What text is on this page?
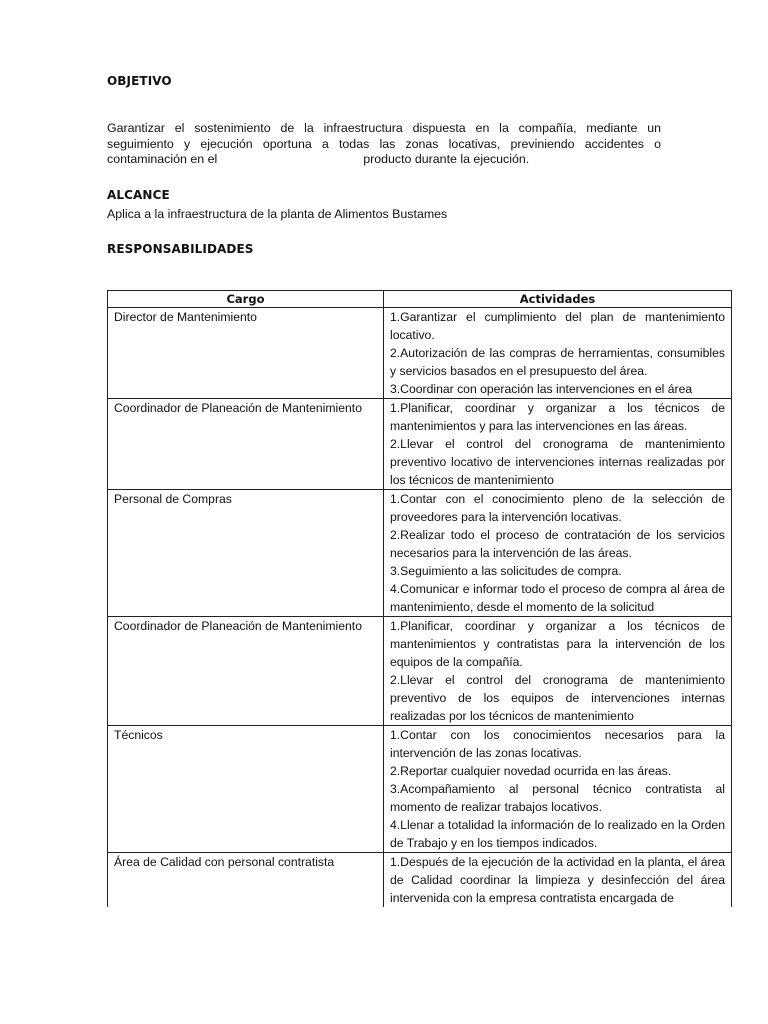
OBJETIVO

Garantizar el sostenimiento de la infraestructura dispuesta en la compañía, mediante un
seguimiento y ejecución oportuna a todas las zonas locativas, previniendo accidentes o
contaminación en el	producto durante la ejecución.

ALCANCE

Aplica a la infraestructura de la planta de Alimentos Bustames

RESPONSABILIDADES
Cargo	Actividades
Director de Mantenimiento	1.Garantizar el cumplimiento del plan de mantenimiento locativo.
2.Autorización de las compras de herramientas, consumibles y servicios basados en el presupuesto del área.
3.Coordinar con operación las intervenciones en el área

Coordinador de Planeación de Mantenimiento	1.Planificar, coordinar y organizar a los técnicos de mantenimientos y para las intervenciones en las áreas.
2.Llevar el control del cronograma de mantenimiento preventivo locativo de intervenciones internas realizadas por los técnicos de mantenimiento

Personal de Compras	1.Contar con el conocimiento pleno de la selección de proveedores para la intervención locativas.
2.Realizar todo el proceso de contratación de los servicios necesarios para la intervención de las áreas.
3.Seguimiento a las solicitudes de compra.
4.Comunicar e informar todo el proceso de compra al área de mantenimiento, desde el momento de la solicitud

Coordinador de Planeación de Mantenimiento	1.Planificar, coordinar y organizar a los técnicos de mantenimientos y contratistas para la intervención de los equipos de la compañía.
2.Llevar el control del cronograma de mantenimiento preventivo de los equipos de intervenciones internas realizadas por los técnicos de mantenimiento

Técnicos	1.Contar con los conocimientos necesarios para la intervención de las zonas locativas.
2.Reportar cualquier novedad ocurrida en las áreas.
3.Acompañamiento al personal técnico contratista al momento de realizar trabajos locativos.
4.Llenar a totalidad la información de lo realizado en la Orden de Trabajo y en los tiempos indicados.

Área de Calidad con personal contratista	1.Después de la ejecución de la actividad en la planta, el área de Calidad coordinar la limpieza y desinfección del área intervenida con la empresa contratista encargada de
